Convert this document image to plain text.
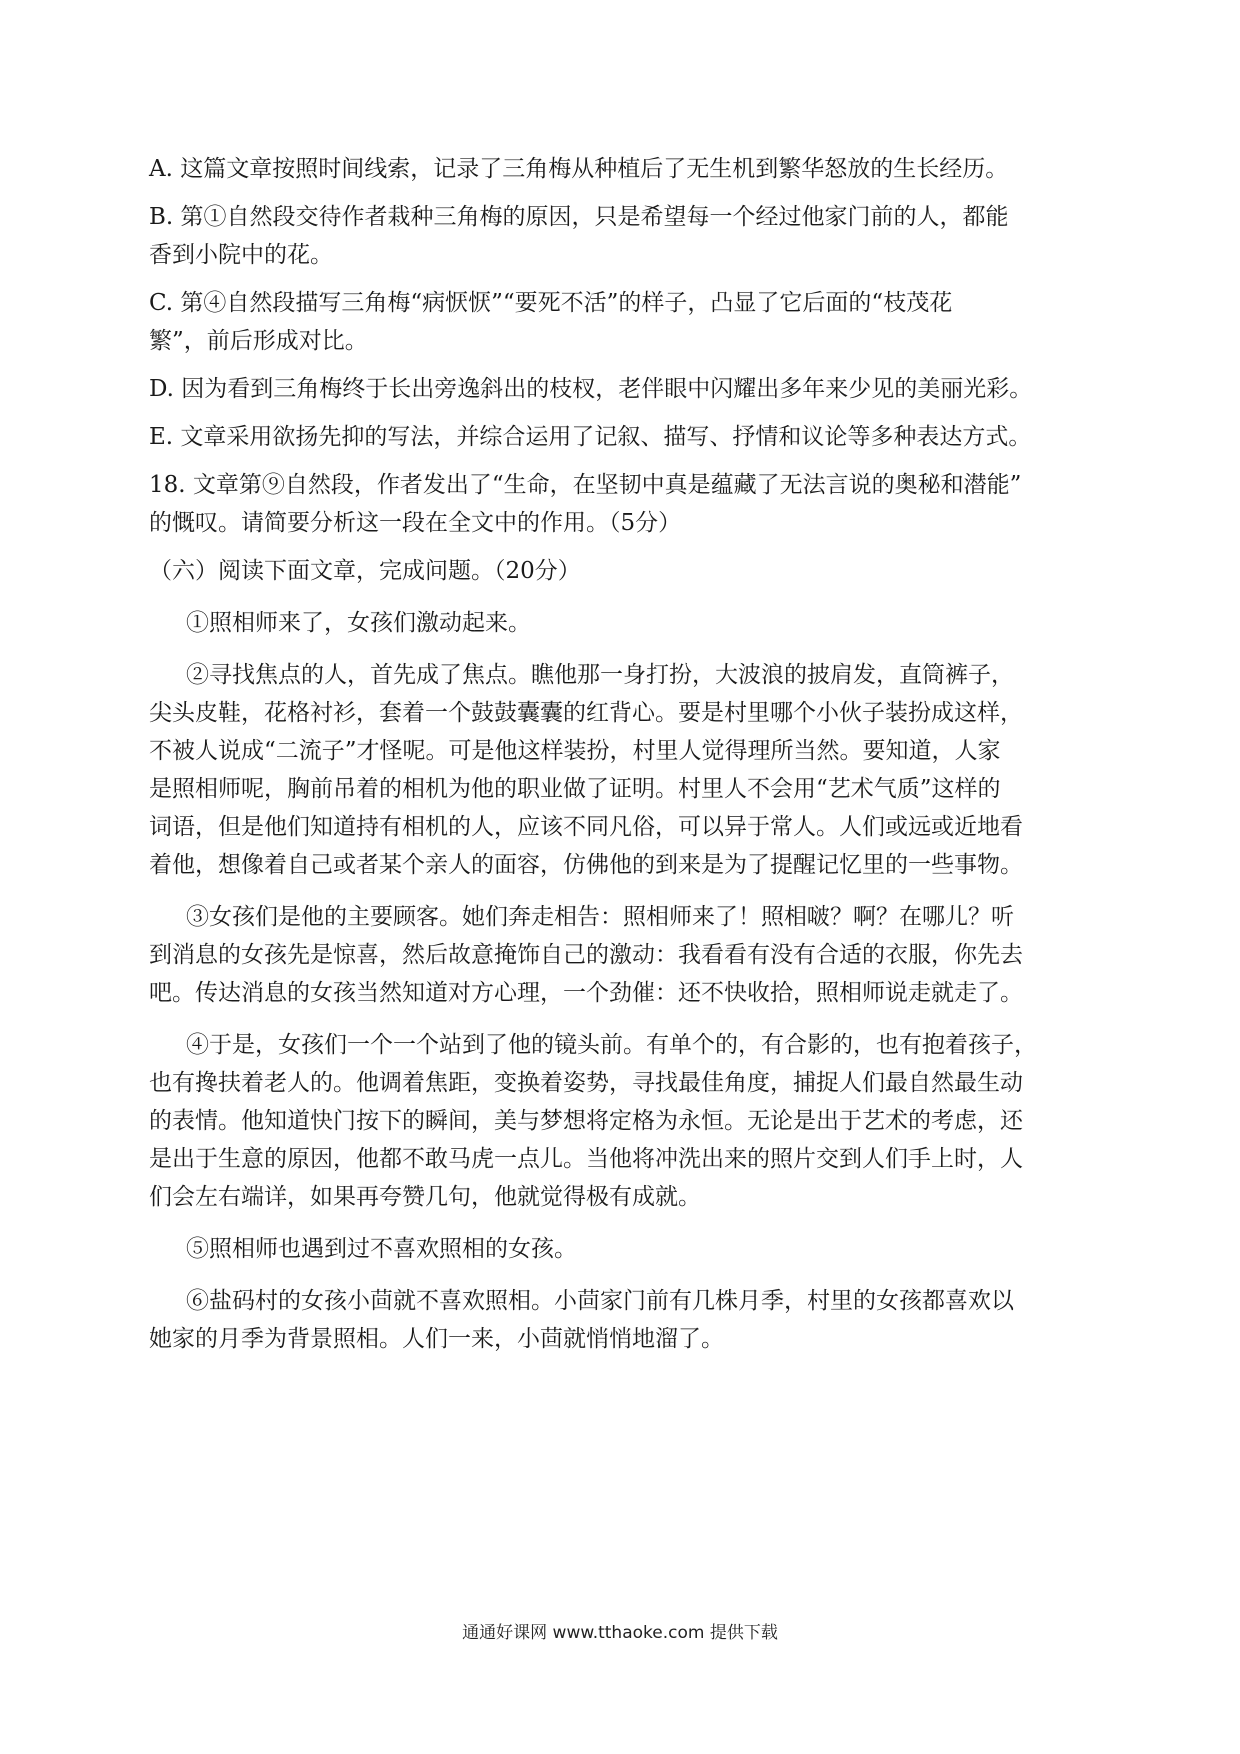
A. 这篇文章按照时间线索，记录了三角梅从种植后了无生机到繁华怒放的生长经历。

B. 第①自然段交待作者栽种三角梅的原因，只是希望每一个经过他家门前的人，都能

香到小院中的花。

C. 第④自然段描写三角梅“病恹恹”“要死不活”的样子，凸显了它后面的“枝茂花

繁”，前后形成对比。

D. 因为看到三角梅终于长出旁逸斜出的枝杈，老伴眼中闪耀出多年来少见的美丽光彩。

E. 文章采用欲扬先抑的写法，并综合运用了记叙、描写、抒情和议论等多种表达方式。

18. 文章第⑨自然段，作者发出了“生命，在坚韧中真是蕴藏了无法言说的奥秘和潜能”

的慨叹。请简要分析这一段在全文中的作用。（5分）

（六）阅读下面文章，完成问题。（20分）

①照相师来了，女孩们激动起来。

②寻找焦点的人，首先成了焦点。瞧他那一身打扮，大波浪的披肩发，直筒裤子，

尖头皮鞋，花格衬衫，套着一个鼓鼓囊囊的红背心。要是村里哪个小伙子装扮成这样，

不被人说成“二流子”才怪呢。可是他这样装扮，村里人觉得理所当然。要知道，人家

是照相师呢，胸前吊着的相机为他的职业做了证明。村里人不会用“艺术气质”这样的

词语，但是他们知道持有相机的人，应该不同凡俗，可以异于常人。人们或远或近地看

着他，想像着自己或者某个亲人的面容，仿佛他的到来是为了提醒记忆里的一些事物。

③女孩们是他的主要顾客。她们奔走相告：照相师来了！照相啵？啊？在哪儿？听

到消息的女孩先是惊喜，然后故意掩饰自己的激动：我看看有没有合适的衣服，你先去

吧。传达消息的女孩当然知道对方心理，一个劲催：还不快收拾，照相师说走就走了。

④于是，女孩们一个一个站到了他的镜头前。有单个的，有合影的，也有抱着孩子，

也有搀扶着老人的。他调着焦距，变换着姿势，寻找最佳角度，捕捉人们最自然最生动

的表情。他知道快门按下的瞬间，美与梦想将定格为永恒。无论是出于艺术的考虑，还

是出于生意的原因，他都不敢马虎一点儿。当他将冲洗出来的照片交到人们手上时，人

们会左右端详，如果再夸赞几句，他就觉得极有成就。

⑤照相师也遇到过不喜欢照相的女孩。

⑥盐码村的女孩小茴就不喜欢照相。小茴家门前有几株月季，村里的女孩都喜欢以

她家的月季为背景照相。人们一来，小茴就悄悄地溜了。

通通好课网 www.tthaoke.com 提供下载
